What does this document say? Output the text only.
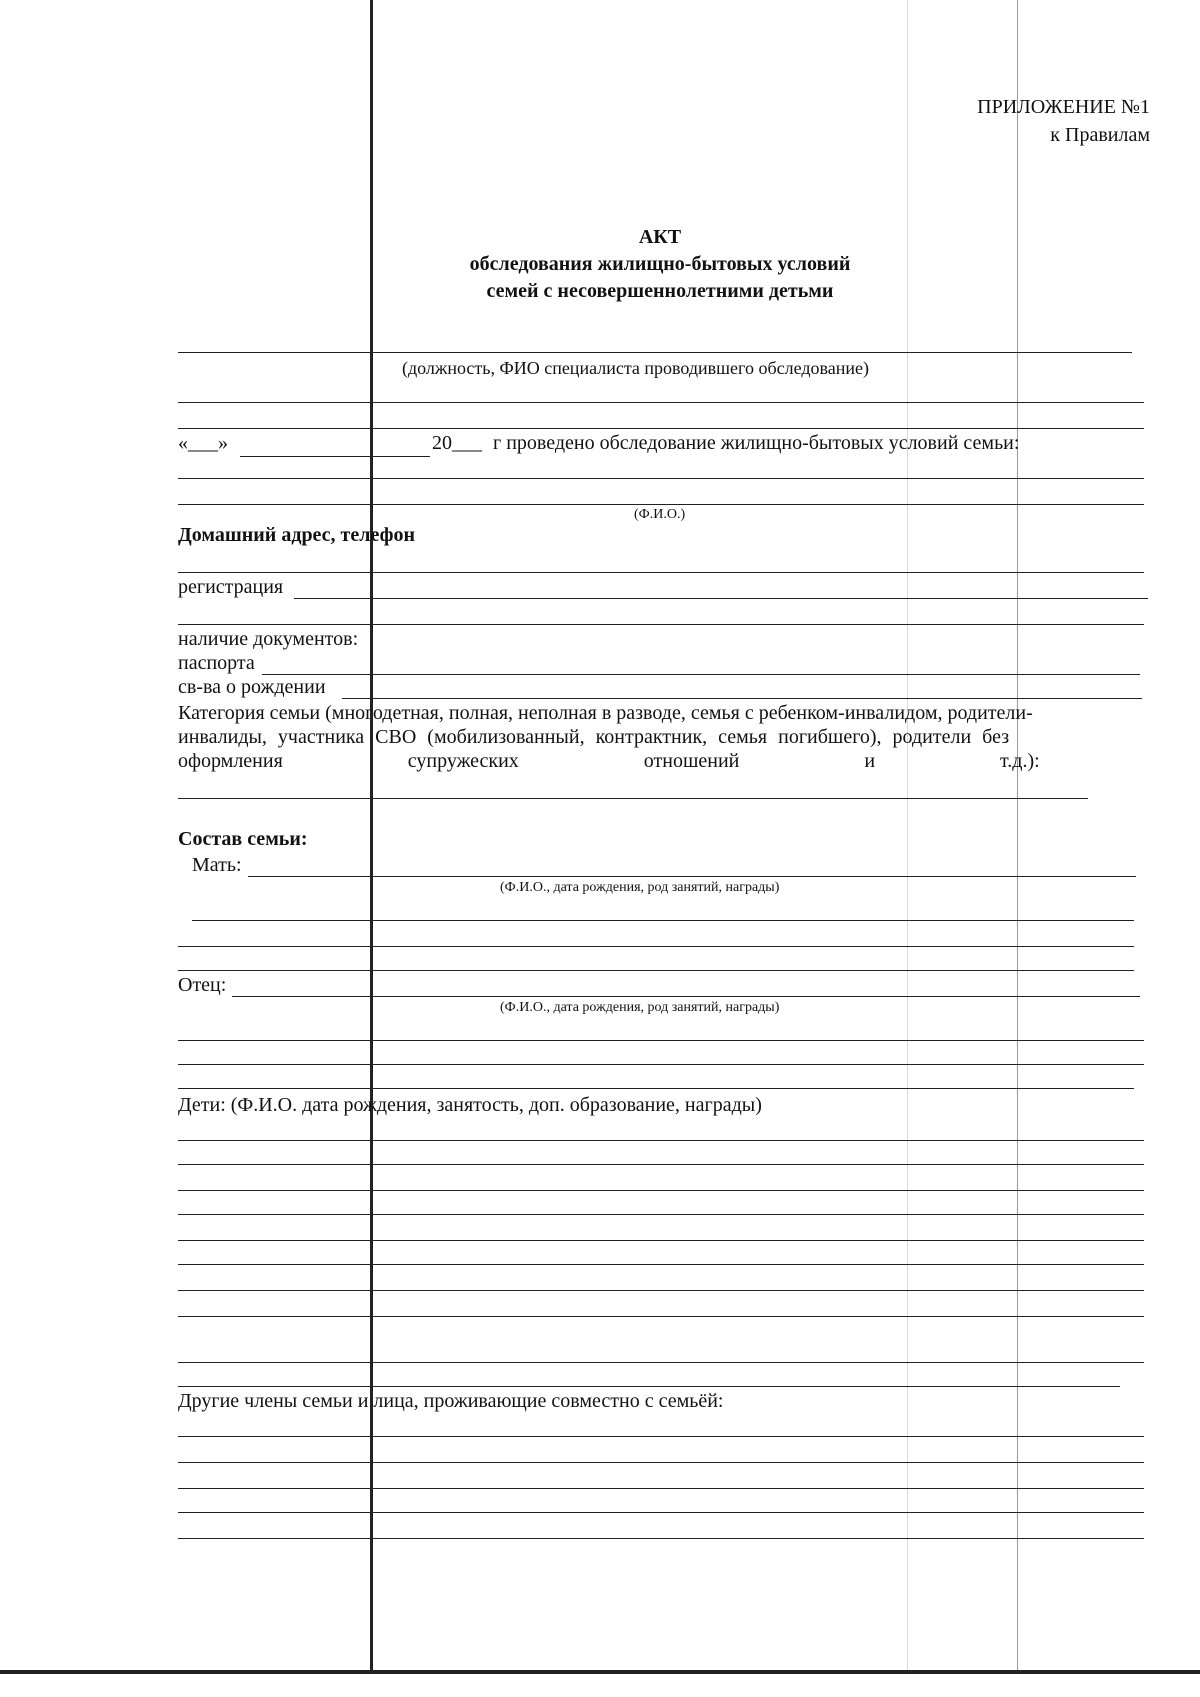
ПРИЛОЖЕНИЕ №1
к Правилам
АКТ
обследования жилищно-бытовых условий
семей с несовершеннолетними детьми
(должность, ФИО специалиста проводившего обследование)
«___»	20___ г проведено обследование жилищно-бытовых условий семьи:
(Ф.И.О.)
Домашний адрес, телефон
регистрация
наличие документов:
паспорта
св-ва о рождении
Категория семьи (многодетная, полная, неполная в разводе, семья с ребенком-инвалидом, родители-
инвалиды, участника СВО (мобилизованный, контрактник, семья погибшего), родители без
оформления супружеских отношений и т.д.):
Состав семьи:
Мать:
(Ф.И.О., дата рождения, род занятий, награды)
Отец:
(Ф.И.О., дата рождения, род занятий, награды)
Дети: (Ф.И.О. дата рождения, занятость, доп. образование, награды)
Другие члены семьи и лица, проживающие совместно с семьёй:
